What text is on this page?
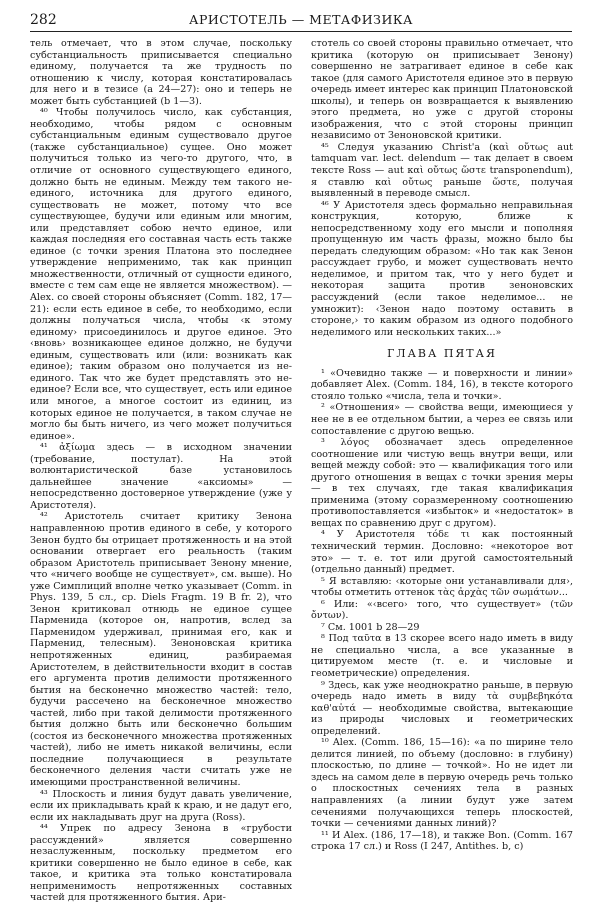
282	АРИСТОТЕЛЬ — МЕТАФИЗИКА

тель отмечает, что в этом случае, поскольку субстанциальность приписывается специально единому, получается та же трудность по отношению к числу, которая констатировалась для него и в тезисе (а 24—27): оно и теперь не может быть субстанцией (b 1—3).

⁴⁰ Чтобы получилось число, как субстанция, необходимо, чтобы рядом с основным субстанциальным единым существовало другое (также субстанциальное) сущее. Оно может получиться только из чего-то другого, что, в отличие от основного существующего единого, должно быть не единым. Между тем такого не-единого, источника для другого единого, существовать не может, потому что все существующее, будучи или единым или многим, или представляет собою нечто единое, или каждая последняя его составная часть есть также единое (с точки зрения Платона это последнее утверждение неприменимо, так как принцип множественности, отличный от сущности единого, вместе с тем сам еще не является множеством). — Alex. со своей стороны объясняет (Comm. 182, 17—21): если есть единое в себе, то необходимо, если должны получаться числа, чтобы ‹к этому единому› присоединилось и другое единое. Это ‹вновь› возникающее единое должно, не будучи единым, существовать или (или: возникать как единое); таким образом оно получается из не-единого. Так что же будет представлять это не-единое? Если все, что существует, есть или единое или многое, а многое состоит из единиц, из которых единое не получается, в таком случае не могло бы быть ничего, из чего может получиться единое».

⁴¹ ἀξίωμα здесь — в исходном значении (требование, постулат). На этой волюнтаристической базе установилось дальнейшее значение «аксиомы» — непосредственно достоверное утверждение (уже у Аристотеля).

⁴² Аристотель считает критику Зенона направленною против единого в себе, у которого Зенон будто бы отрицает протяженность и на этой основании отвергает его реальность (таким образом Аристотель приписывает Зенону мнение, что «ничего вообще не существует», см. выше). Но уже Симплиций вполне четко указывает (Comm. in Phys. 139, 5 сл., ср. Diels Fragm. 19 B fr. 2), что Зенон критиковал отнюдь не единое сущее Парменида (которое он, напротив, вслед за Парменидом удерживал, принимая его, как и Парменид, телесным). Зеноновская критика непротяженных единиц, разбираемая Аристотелем, в действительности входит в состав его аргумента против делимости протяженного бытия на бесконечно множество частей: тело, будучи рассечено на бесконечное множество частей, либо при такой делимости протяженного бытия должно быть или бесконечно большим (состоя из бесконечного множества протяженных частей), либо не иметь никакой величины, если последние получающиеся в результате бесконечного деления части считать уже не имеющими пространственной величины.

⁴³ Плоскость и линия будут давать увеличение, если их прикладывать край к краю, и не дадут его, если их накладывать друг на друга (Ross).

⁴⁴ Упрек по адресу Зенона в «грубости рассуждений» является совершенно незаслуженным, поскольку предметом его критики совершенно не было единое в себе, как такое, и критика эта только констатировала неприменимость непротяженных составных частей для протяженного бытия. Ари-

стотель со своей стороны правильно отмечает, что критика (которую он приписывает Зенону) совершенно не затрагивает единое в себе как такое (для самого Аристотеля единое это в первую очередь имеет интерес как принцип Платоновской школы), и теперь он возвращается к выявлению этого предмета, но уже с другой стороны изображения, что с этой стороны принцип независимо от Зеноновской критики.

⁴⁵ Следуя указанию Christ'a (καὶ οὔτως aut tamquam var. lect. delendum — так делает в своем тексте Ross — aut καὶ οὔτως ὥστε transponendum), я ставлю καὶ οὔτως раньше ὥστε, получая выявленный в переводе смысл.

⁴⁶ У Аристотеля здесь формально неправильная конструкция, которую, ближе к непосредственному ходу его мысли и пополняя пропущенную им часть фразы, можно было бы передать следующим образом: «Но так как Зенон рассуждает грубо, и может существовать нечто неделимое, и притом так, что у него будет и некоторая защита против зеноновских рассуждений (если такое неделимое... не умножит): ‹Зенон надо поэтому оставить в стороне,› то каким образом из одного подобного неделимого или нескольких таких...»

ГЛАВА ПЯТАЯ

¹ «Очевидно также — и поверхности и линии» добавляет Alex. (Comm. 184, 16), в тексте которого стояло только «числа, тела и точки».

² «Отношения» — свойства вещи, имеющиеся у нее не в ее отдельном бытии, а через ее связь или сопоставление с другою вещью.

³ λόγος обозначает здесь определенное соотношение или чистую вещь внутри вещи, или вещей между собой: это — квалификация того или другого отношения в вещах с точки зрения меры — в тех случаях, где такая квалификация применима (этому соразмеренному соотношению противопоставляется «избыток» и «недостаток» в вещах по сравнению друг с другом).

⁴ У Аристотеля τόδε τι как постоянный технический термин. Дословно: «некоторое вот это» — т. е. тот или другой самостоятельный (отдельно данный) предмет.

⁵ Я вставляю: ‹которые они устанавливали для›, чтобы отметить оттенок τὰς ἀρχὰς τῶν σωμάτων...

⁶ Или: «‹всего› того, что существует» (τῶν ὄντων).

⁷ См. 1001 b 28—29

⁸ Под ταῦτα в 13 скорее всего надо иметь в виду не специально числа, а все указанные в цитируемом месте (т. е. и числовые и геометрические) определения.

⁹ Здесь, как уже неоднократно раньше, в первую очередь надо иметь в виду τὰ συμβεβηκότα καθ'αὑτά — необходимые свойства, вытекающие из природы числовых и геометрических определений.

¹⁰ Alex. (Comm. 186, 15—16): «а по ширине тело делится линией, по объему (дословно: в глубину) плоскостью, по длине — точкой». Но не идет ли здесь на самом деле в первую очередь речь только о плоскостных сечениях тела в разных направлениях (а линии будут уже затем сечениями получающихся теперь плоскостей, точки — сечениями данных линий)?

¹¹ И Alex. (186, 17—18), и также Bon. (Comm. 167 строка 17 сл.) и Ross (I 247, Antithes. b, c)
